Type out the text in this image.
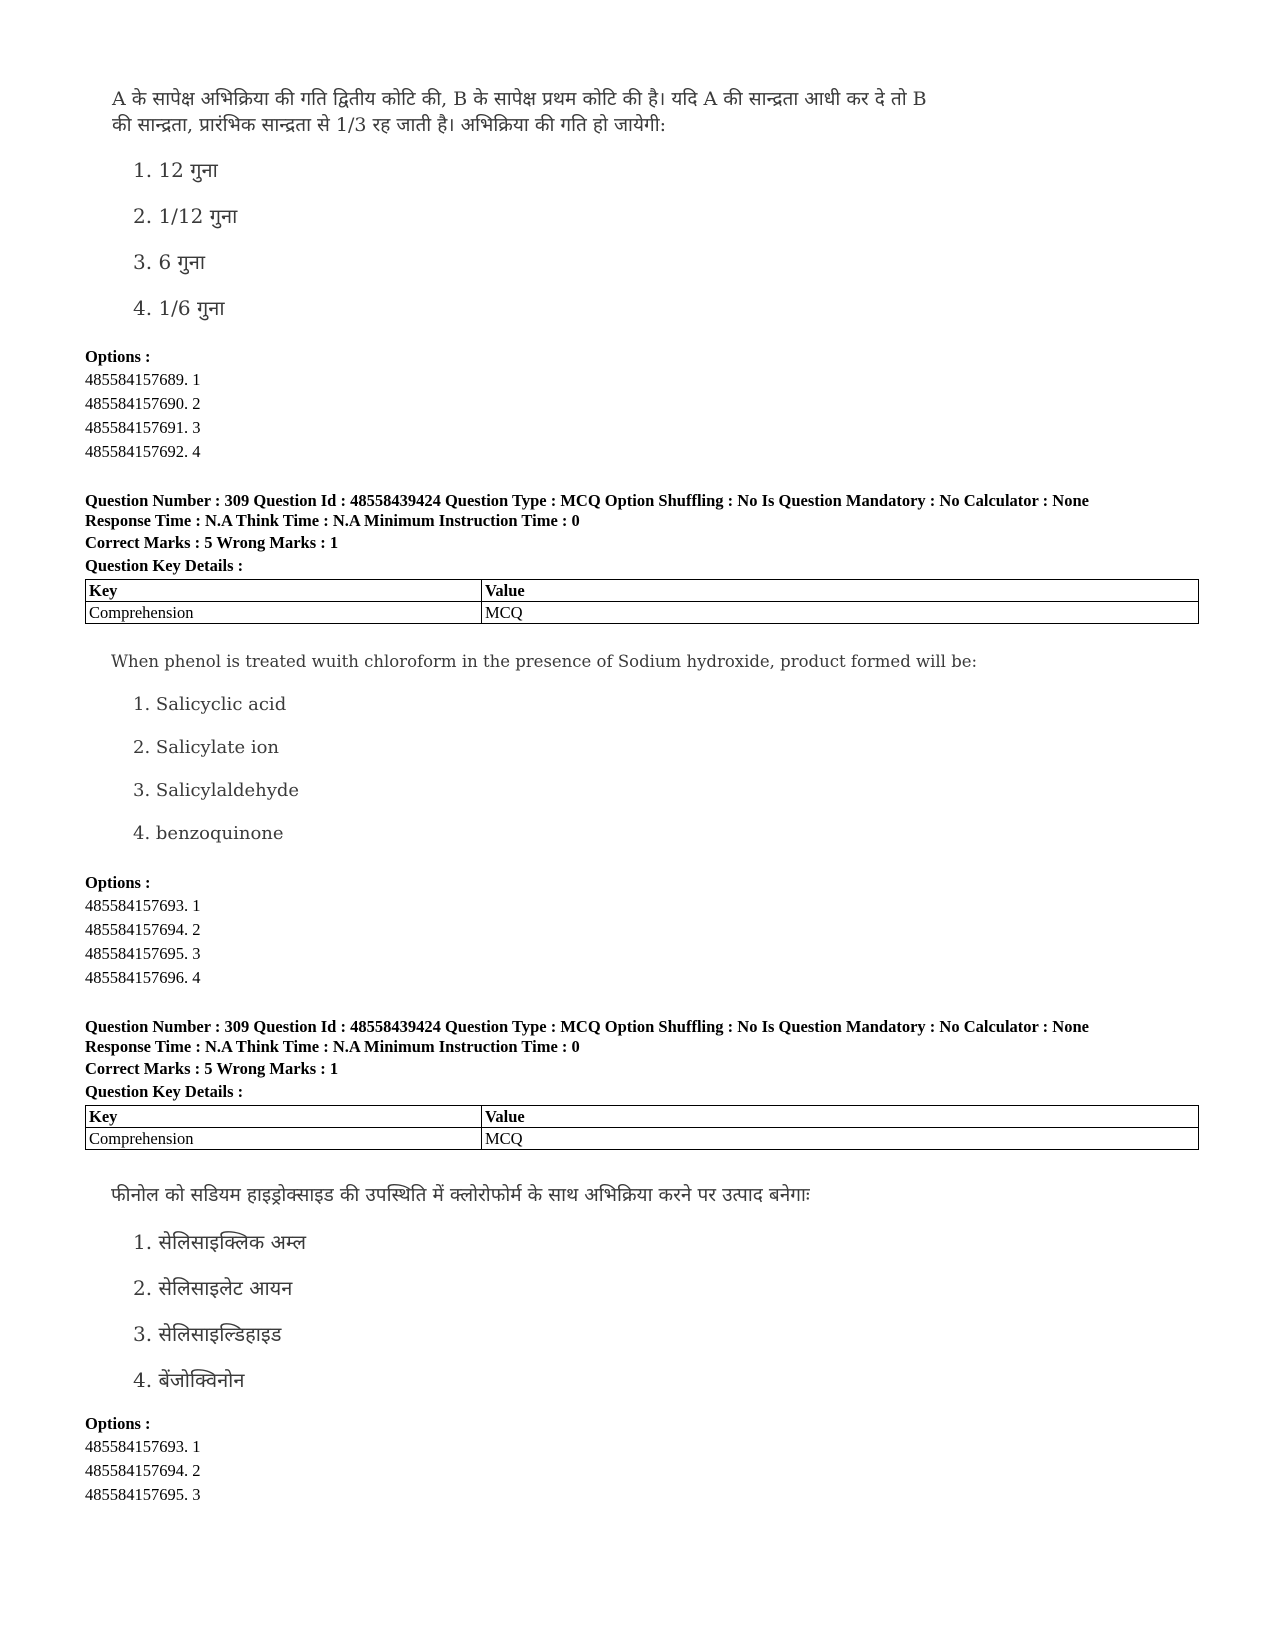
A के सापेक्ष अभिक्रिया की गति द्वितीय कोटि की, B के सापेक्ष प्रथम कोटि की है। यदि A की सान्द्रता आधी कर दे तो B
की सान्द्रता, प्रारंभिक सान्द्रता से 1/3 रह जाती है। अभिक्रिया की गति हो जायेगी:
1. 12 गुना
2. 1/12 गुना
3. 6 गुना
4. 1/6 गुना
Options :
485584157689. 1
485584157690. 2
485584157691. 3
485584157692. 4
Question Number : 309 Question Id : 48558439424 Question Type : MCQ Option Shuffling : No Is Question Mandatory : No Calculator : None
Response Time : N.A Think Time : N.A Minimum Instruction Time : 0
Correct Marks : 5 Wrong Marks : 1
Question Key Details :
Key	Value
Comprehension	MCQ
When phenol is treated wuith chloroform in the presence of Sodium hydroxide, product formed will be:
1. Salicyclic acid
2. Salicylate ion
3. Salicylaldehyde
4. benzoquinone
Options :
485584157693. 1
485584157694. 2
485584157695. 3
485584157696. 4
Question Number : 309 Question Id : 48558439424 Question Type : MCQ Option Shuffling : No Is Question Mandatory : No Calculator : None
Response Time : N.A Think Time : N.A Minimum Instruction Time : 0
Correct Marks : 5 Wrong Marks : 1
Question Key Details :
Key	Value
Comprehension	MCQ
फीनोल को सडियम हाइड्रोक्साइड की उपस्थिति में क्लोरोफोर्म के साथ अभिक्रिया करने पर उत्पाद बनेगाः
1. सेलिसाइक्लिक अम्ल
2. सेलिसाइलेट आयन
3. सेलिसाइल्डिहाइड
4. बेंजोक्विनोन
Options :
485584157693. 1
485584157694. 2
485584157695. 3
